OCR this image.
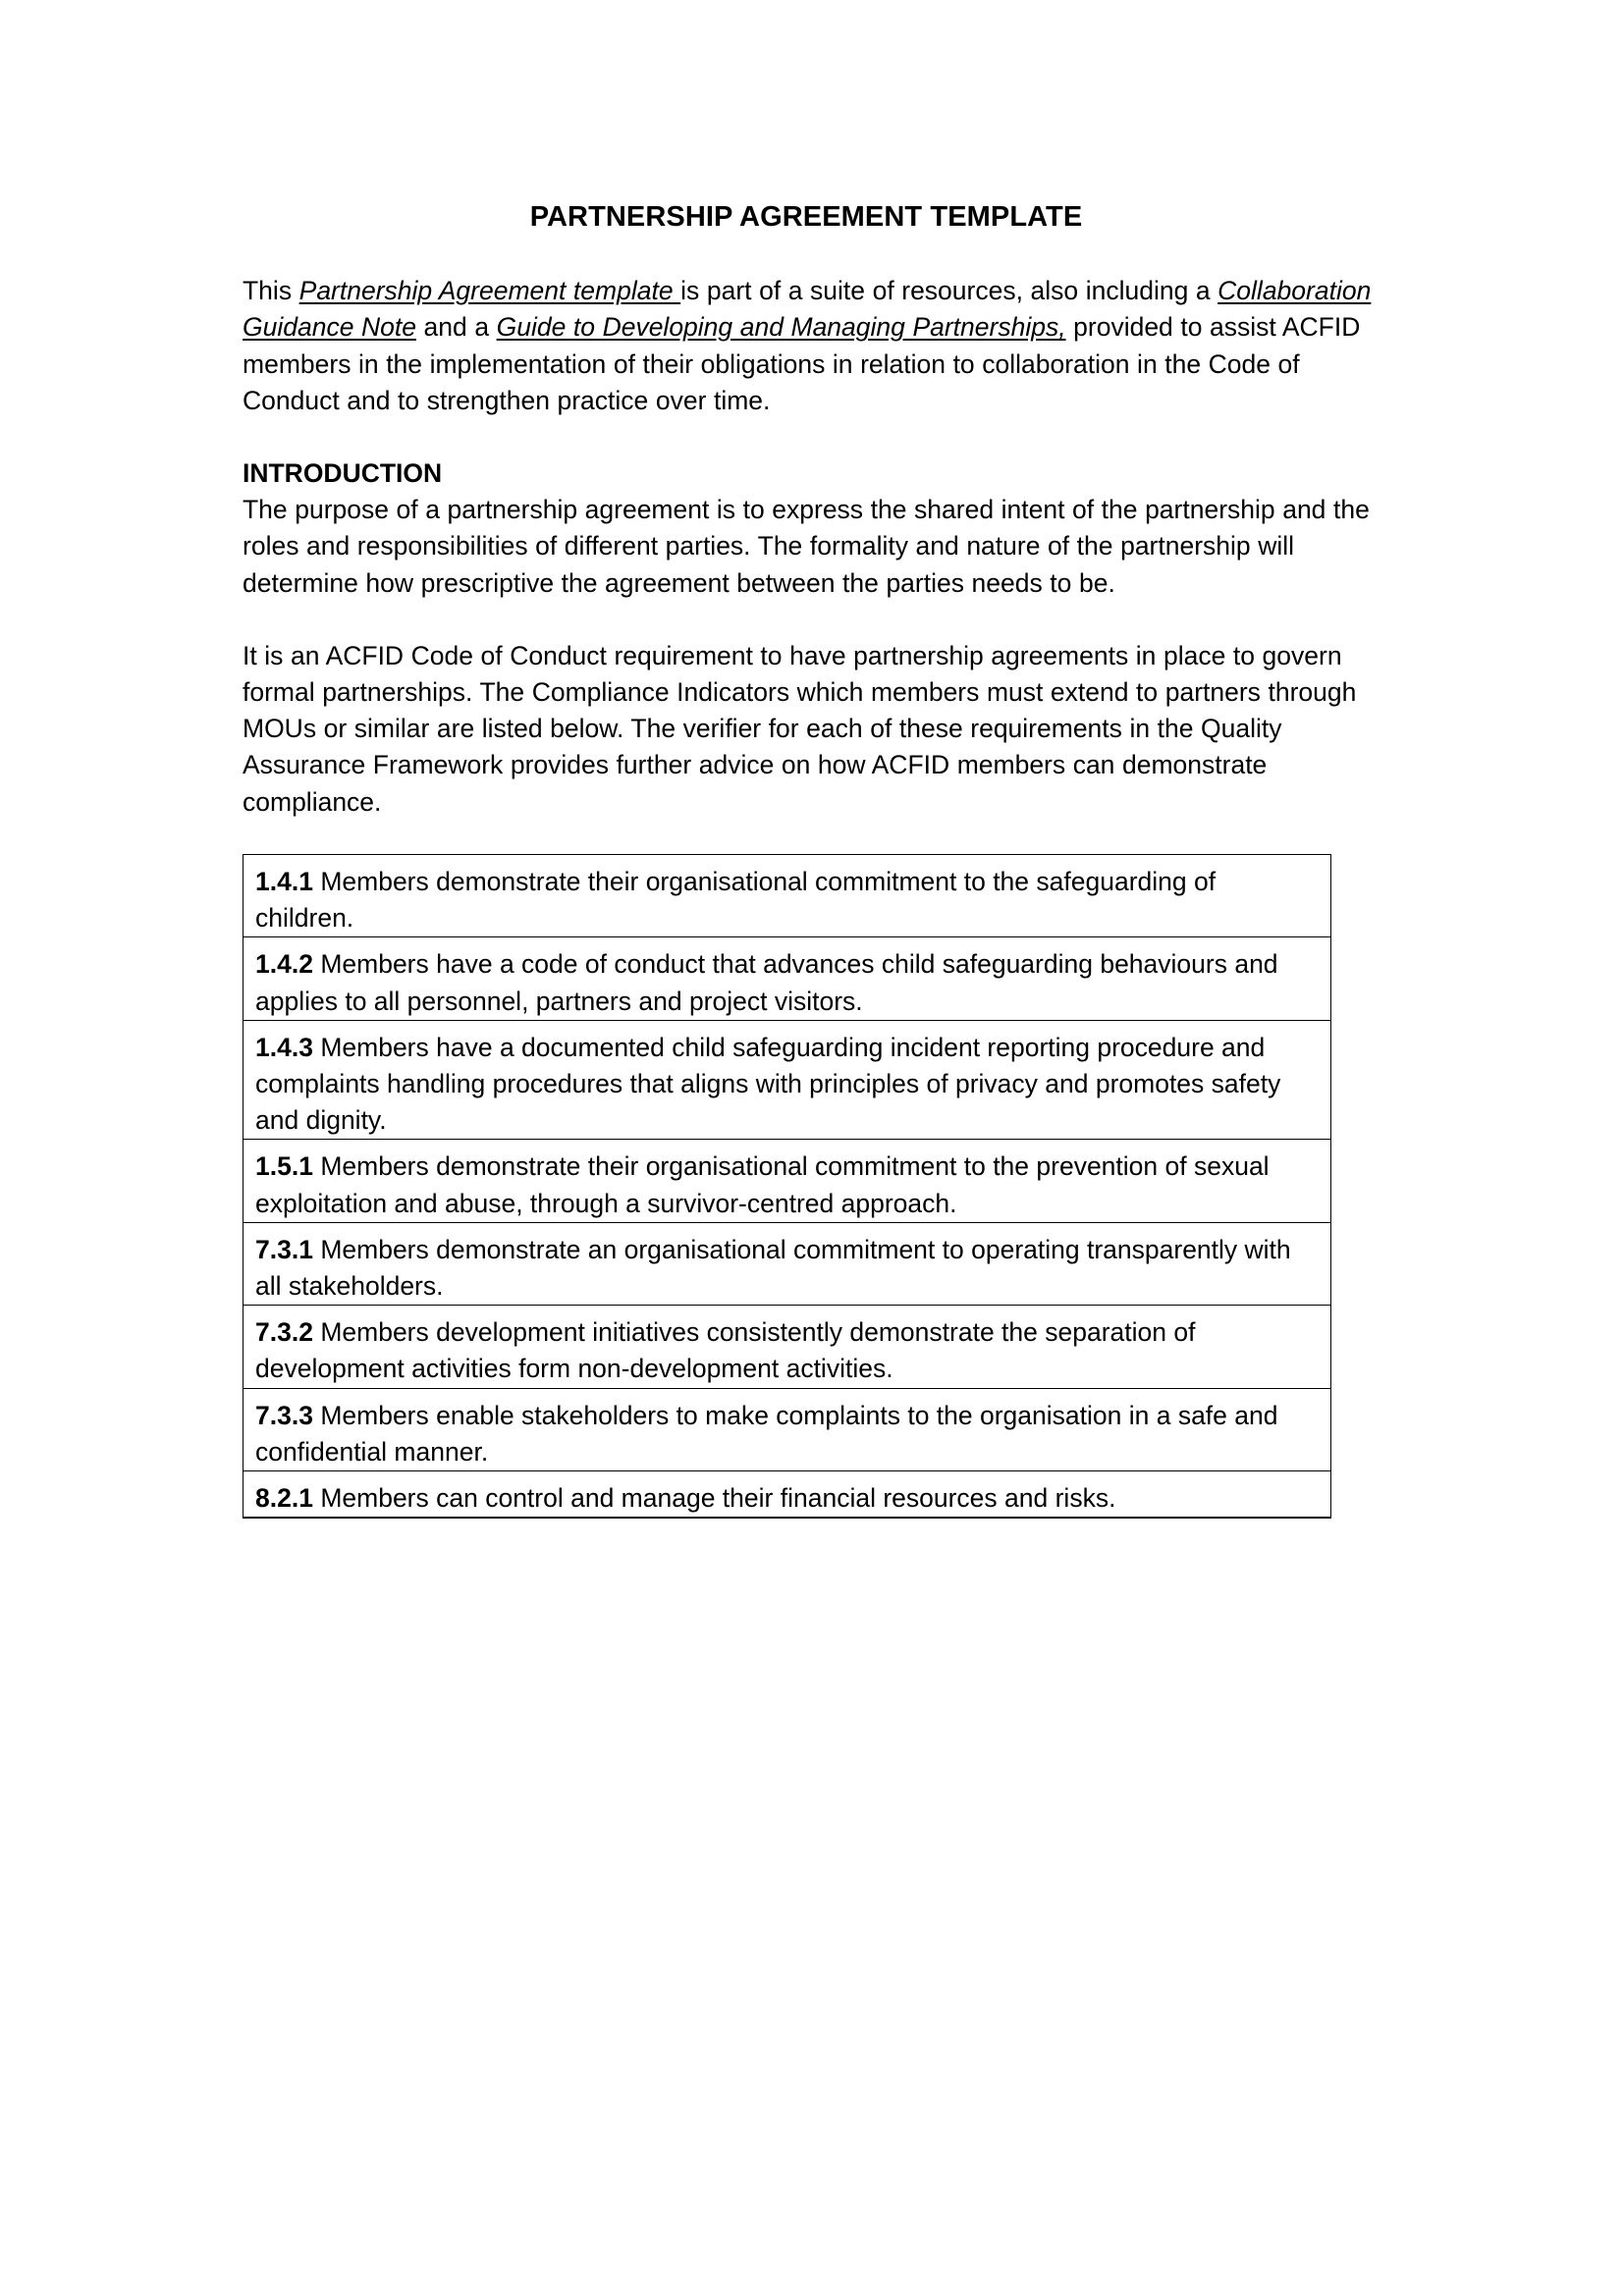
PARTNERSHIP AGREEMENT TEMPLATE

This Partnership Agreement template is part of a suite of resources, also including a Collaboration Guidance Note and a Guide to Developing and Managing Partnerships, provided to assist ACFID members in the implementation of their obligations in relation to collaboration in the Code of Conduct and to strengthen practice over time.

INTRODUCTION

The purpose of a partnership agreement is to express the shared intent of the partnership and the roles and responsibilities of different parties. The formality and nature of the partnership will determine how prescriptive the agreement between the parties needs to be.

It is an ACFID Code of Conduct requirement to have partnership agreements in place to govern formal partnerships. The Compliance Indicators which members must extend to partners through MOUs or similar are listed below. The verifier for each of these requirements in the Quality Assurance Framework provides further advice on how ACFID members can demonstrate compliance.

1.4.1 Members demonstrate their organisational commitment to the safeguarding of children.
1.4.2 Members have a code of conduct that advances child safeguarding behaviours and applies to all personnel, partners and project visitors.
1.4.3 Members have a documented child safeguarding incident reporting procedure and complaints handling procedures that aligns with principles of privacy and promotes safety and dignity.
1.5.1 Members demonstrate their organisational commitment to the prevention of sexual exploitation and abuse, through a survivor-centred approach.
7.3.1 Members demonstrate an organisational commitment to operating transparently with all stakeholders.
7.3.2 Members development initiatives consistently demonstrate the separation of development activities form non-development activities.
7.3.3 Members enable stakeholders to make complaints to the organisation in a safe and confidential manner.
8.2.1 Members can control and manage their financial resources and risks.
